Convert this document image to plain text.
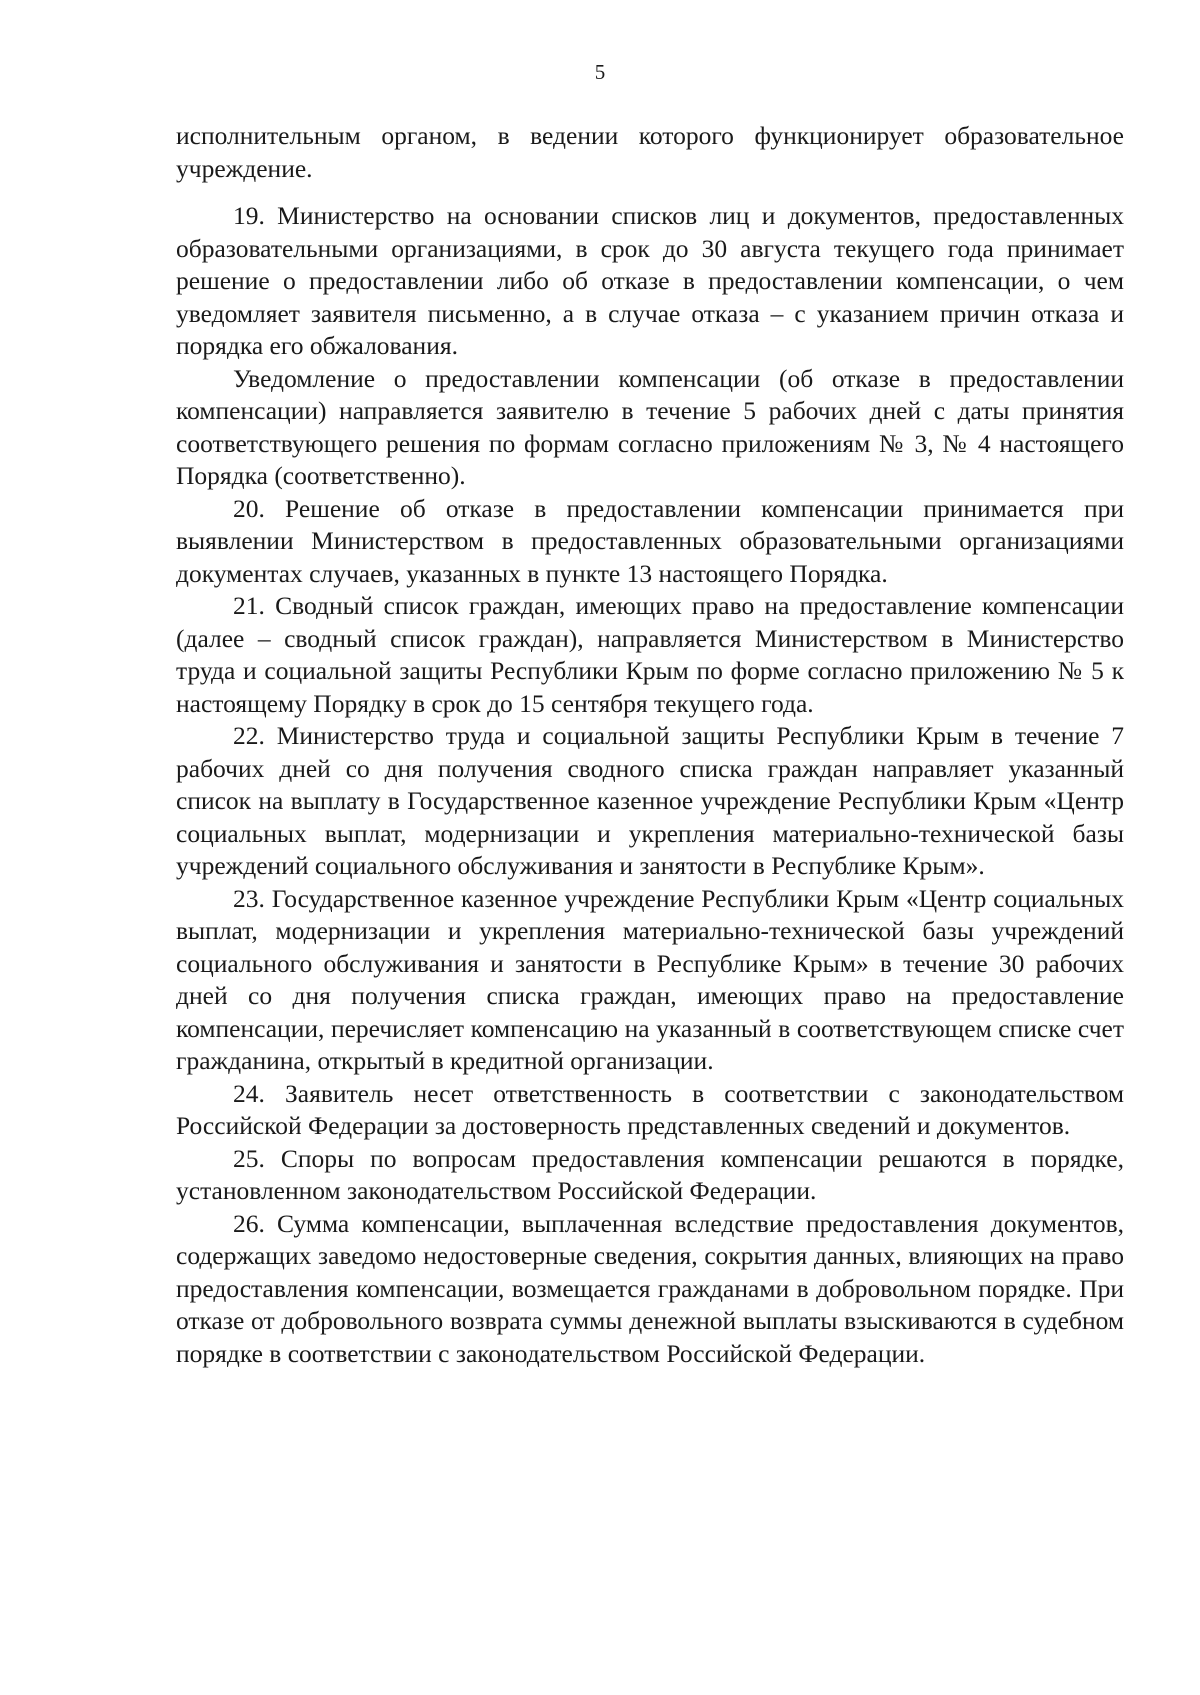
5

исполнительным органом, в ведении которого функционирует образовательное учреждение.

19. Министерство на основании списков лиц и документов, предоставленных образовательными организациями, в срок до 30 августа текущего года принимает решение о предоставлении либо об отказе в предоставлении компенсации, о чем уведомляет заявителя письменно, а в случае отказа – с указанием причин отказа и порядка его обжалования.

Уведомление о предоставлении компенсации (об отказе в предоставлении компенсации) направляется заявителю в течение 5 рабочих дней с даты принятия соответствующего решения по формам согласно приложениям № 3, № 4 настоящего Порядка (соответственно).

20. Решение об отказе в предоставлении компенсации принимается при выявлении Министерством в предоставленных образовательными организациями документах случаев, указанных в пункте 13 настоящего Порядка.

21. Сводный список граждан, имеющих право на предоставление компенсации (далее – сводный список граждан), направляется Министерством в Министерство труда и социальной защиты Республики Крым по форме согласно приложению № 5 к настоящему Порядку в срок до 15 сентября текущего года.

22. Министерство труда и социальной защиты Республики Крым в течение 7 рабочих дней со дня получения сводного списка граждан направляет указанный список на выплату в Государственное казенное учреждение Республики Крым «Центр социальных выплат, модернизации и укрепления материально-технической базы учреждений социального обслуживания и занятости в Республике Крым».

23. Государственное казенное учреждение Республики Крым «Центр социальных выплат, модернизации и укрепления материально-технической базы учреждений социального обслуживания и занятости в Республике Крым» в течение 30 рабочих дней со дня получения списка граждан, имеющих право на предоставление компенсации, перечисляет компенсацию на указанный в соответствующем списке счет гражданина, открытый в кредитной организации.

24. Заявитель несет ответственность в соответствии с законодательством Российской Федерации за достоверность представленных сведений и документов.

25. Споры по вопросам предоставления компенсации решаются в порядке, установленном законодательством Российской Федерации.

26. Сумма компенсации, выплаченная вследствие предоставления документов, содержащих заведомо недостоверные сведения, сокрытия данных, влияющих на право предоставления компенсации, возмещается гражданами в добровольном порядке. При отказе от добровольного возврата суммы денежной выплаты взыскиваются в судебном порядке в соответствии с законодательством Российской Федерации.
